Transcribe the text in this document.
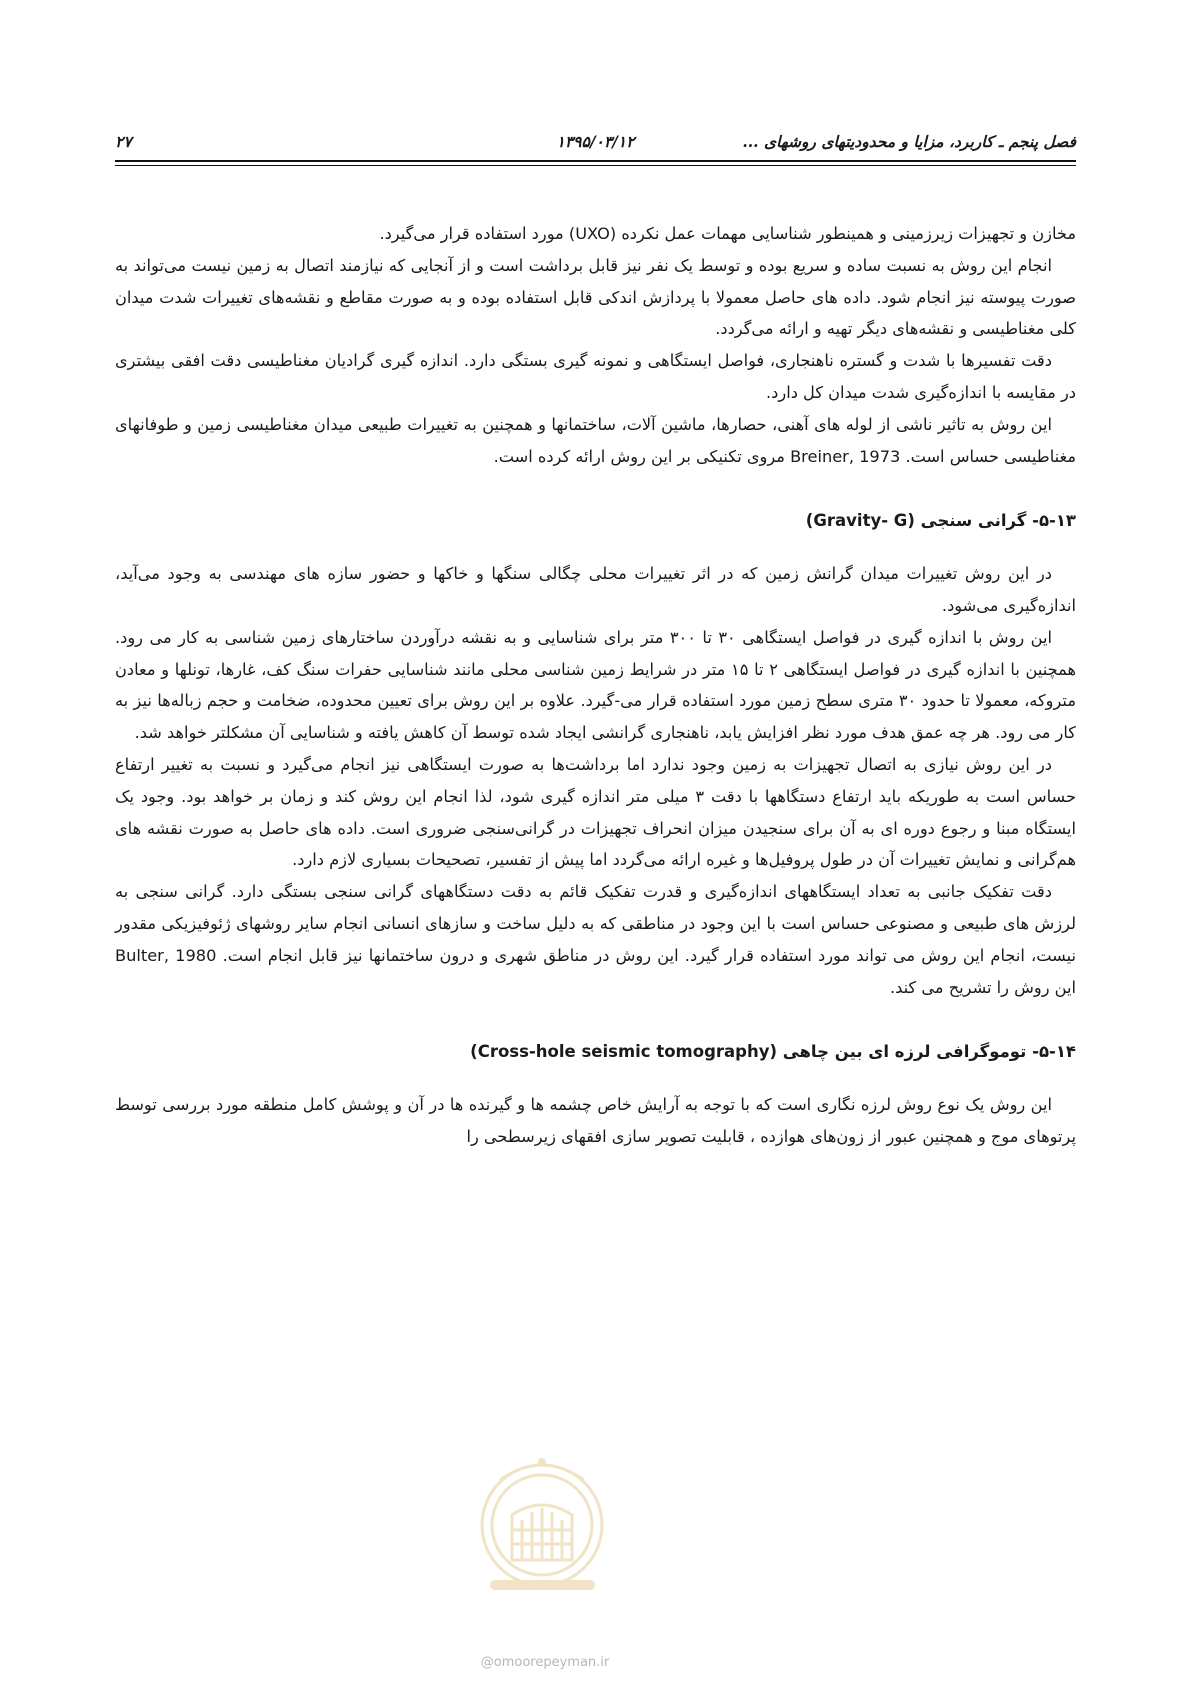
فصل پنجم ـ کاربرد، مزایا و محدودیتهای روشهای ...
۱۳۹۵/۰۳/۱۲
۲۷

مخازن و تجهیزات زیرزمینی و همینطور شناسایی مهمات عمل نکرده (UXO) مورد استفاده قرار می‌گیرد.

انجام این روش به نسبت ساده و سریع بوده و توسط یک نفر نیز قابل برداشت است و از آنجایی که نیازمند اتصال به زمین نیست می‌تواند به صورت پیوسته نیز انجام شود. داده های حاصل معمولا با پردازش اندکی قابل استفاده بوده و به صورت مقاطع و نقشه‌های تغییرات شدت میدان کلی مغناطیسی و نقشه‌های دیگر تهیه و ارائه می‌گردد.

دقت تفسیرها با شدت و گستره ناهنجاری، فواصل ایستگاهی و نمونه گیری بستگی دارد. اندازه گیری گرادیان مغناطیسی دقت افقی بیشتری در مقایسه با اندازه‌گیری شدت میدان کل دارد.

این روش به تاثیر ناشی از لوله های آهنی، حصارها، ماشین آلات، ساختمانها و همچنین به تغییرات طبیعی میدان مغناطیسی زمین و طوفانهای مغناطیسی حساس است. Breiner, 1973 مروی تکنیکی بر این روش ارائه کرده است.

۵-۱۳- گرانی سنجی (Gravity- G)

در این روش تغییرات میدان گرانش زمین که در اثر تغییرات محلی چگالی سنگها و خاکها و حضور سازه های مهندسی به وجود می‌آید، اندازه‌گیری می‌شود.

این روش با اندازه گیری در فواصل ایستگاهی ۳۰ تا ۳۰۰ متر برای شناسایی و به نقشه درآوردن ساختارهای زمین شناسی به کار می رود. همچنین با اندازه گیری در فواصل ایستگاهی ۲ تا ۱۵ متر در شرایط زمین شناسی محلی مانند شناسایی حفرات سنگ کف، غارها، تونلها و معادن متروکه، معمولا تا حدود ۳۰ متری سطح زمین مورد استفاده قرار می-گیرد. علاوه بر این روش برای تعیین محدوده، ضخامت و حجم زباله‌ها نیز به کار می رود. هر چه عمق هدف مورد نظر افزایش یابد، ناهنجاری گرانشی ایجاد شده توسط آن کاهش یافته و شناسایی آن مشکلتر خواهد شد.

در این روش نیازی به اتصال تجهیزات به زمین وجود ندارد اما برداشت‌ها به صورت ایستگاهی نیز انجام می‌گیرد و نسبت به تغییر ارتفاع حساس است به طوریکه باید ارتفاع دستگاهها با دقت ۳ میلی متر اندازه گیری شود، لذا انجام این روش کند و زمان بر خواهد بود. وجود یک ایستگاه مبنا و رجوع دوره ای به آن برای سنجیدن میزان انحراف تجهیزات در گرانی‌سنجی ضروری است. داده های حاصل به صورت نقشه های هم‌گرانی و نمایش تغییرات آن در طول پروفیل‌ها و غیره ارائه می‌گردد اما پیش از تفسیر، تصحیحات بسیاری لازم دارد.

دقت تفکیک جانبی به تعداد ایستگاههای اندازه‌گیری و قدرت تفکیک قائم به دقت دستگاههای گرانی سنجی بستگی دارد. گرانی سنجی به لرزش های طبیعی و مصنوعی حساس است با این وجود در مناطقی که به دلیل ساخت و سازهای انسانی انجام سایر روشهای ژئوفیزیکی مقدور نیست، انجام این روش می تواند مورد استفاده قرار گیرد. این روش در مناطق شهری و درون ساختمانها نیز قابل انجام است. Bulter, 1980 این روش را تشریح می کند.

۵-۱۴- توموگرافی لرزه ای بین چاهی (Cross-hole seismic tomography)

این روش یک نوع روش لرزه نگاری است که با توجه به آرایش خاص چشمه ها و گیرنده ها در آن و پوشش کامل منطقه مورد بررسی توسط پرتوهای موج و همچنین عبور از زون‌های هوازده ، قابلیت تصویر سازی افقهای زیرسطحی را

@omoorepeyman.ir
